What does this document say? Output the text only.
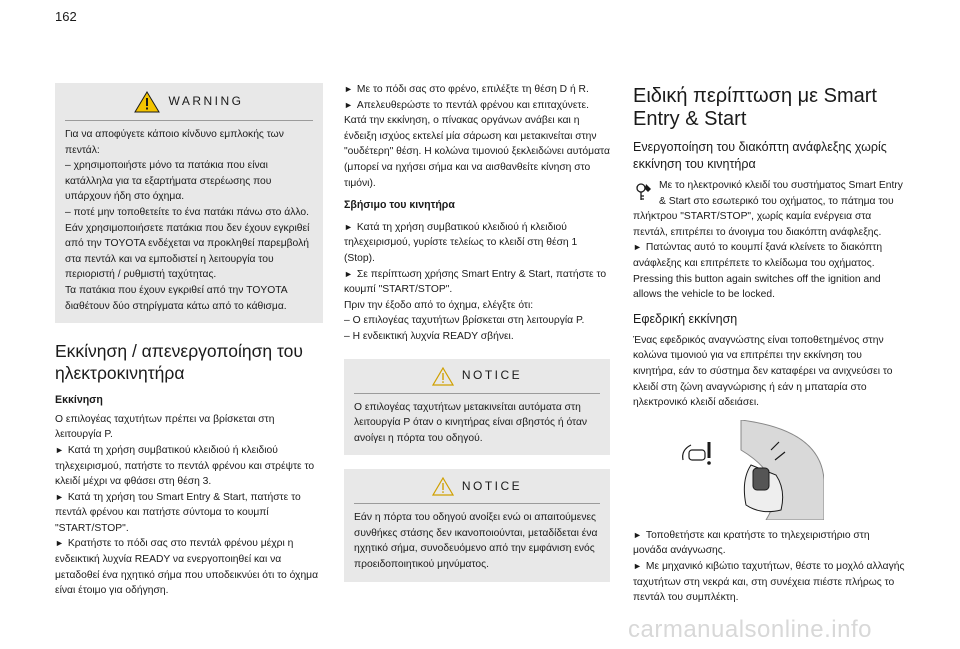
162
WARNING

Για να αποφύγετε κάποιο κίνδυνο εμπλοκής των πεντάλ:
– χρησιμοποιήστε μόνο τα πατάκια που είναι κατάλληλα για τα εξαρτήματα στερέωσης που υπάρχουν ήδη στο όχημα.
– ποτέ μην τοποθετείτε το ένα πατάκι πάνω στο άλλο.
Εάν χρησιμοποιήσετε πατάκια που δεν έχουν εγκριθεί από την TOYOTA ενδέχεται να προκληθεί παρεμβολή στα πεντάλ και να εμποδιστεί η λειτουργία του περιοριστή / ρυθμιστή ταχύτητας.
Τα πατάκια που έχουν εγκριθεί από την TOYOTA διαθέτουν δύο στηρίγματα κάτω από το κάθισμα.

Εκκίνηση / απενεργοποίηση του ηλεκτροκινητήρα
Εκκίνηση

Ο επιλογέας ταχυτήτων πρέπει να βρίσκεται στη λειτουργία P.

► Κατά τη χρήση συμβατικού κλειδιού ή κλειδιού τηλεχειρισμού, πατήστε το πεντάλ φρένου και στρέψτε το κλειδί μέχρι να φθάσει στη θέση 3.

► Κατά τη χρήση του Smart Entry & Start, πατήστε το πεντάλ φρένου και πατήστε σύντομα το κουμπί "START/STOP".

► Κρατήστε το πόδι σας στο πεντάλ φρένου μέχρι η ενδεικτική λυχνία READY να ενεργοποιηθεί και να μεταδοθεί ένα ηχητικό σήμα που υποδεικνύει ότι το όχημα είναι έτοιμο για οδήγηση.

► Με το πόδι σας στο φρένο, επιλέξτε τη θέση D ή R.

► Απελευθερώστε το πεντάλ φρένου και επιταχύνετε.

Κατά την εκκίνηση, ο πίνακας οργάνων ανάβει και η ένδειξη ισχύος εκτελεί μία σάρωση και μετακινείται στην "ουδέτερη" θέση. Η κολώνα τιμονιού ξεκλειδώνει αυτόματα (μπορεί να ηχήσει σήμα και να αισθανθείτε κίνηση στο τιμόνι).

Σβήσιμο του κινητήρα

► Κατά τη χρήση συμβατικού κλειδιού ή κλειδιού τηλεχειρισμού, γυρίστε τελείως το κλειδί στη θέση 1 (Stop).

► Σε περίπτωση χρήσης Smart Entry & Start, πατήστε το κουμπί "START/STOP".

Πριν την έξοδο από το όχημα, ελέγξτε ότι:

– Ο επιλογέας ταχυτήτων βρίσκεται στη λειτουργία P.

– Η ενδεικτική λυχνία READY σβήνει.

NOTICE

Ο επιλογέας ταχυτήτων μετακινείται αυτόματα στη λειτουργία P όταν ο κινητήρας είναι σβηστός ή όταν ανοίγει η πόρτα του οδηγού.

NOTICE

Εάν η πόρτα του οδηγού ανοίξει ενώ οι απαιτούμενες συνθήκες στάσης δεν ικανοποιούνται, μεταδίδεται ένα ηχητικό σήμα, συνοδευόμενο από την εμφάνιση ενός προειδοποιητικού μηνύματος.

Ειδική περίπτωση με Smart Entry & Start
Ενεργοποίηση του διακόπτη ανάφλεξης χωρίς εκκίνηση του κινητήρα

Με το ηλεκτρονικό κλειδί του συστήματος Smart Entry & Start στο εσωτερικό του οχήματος, το πάτημα του πλήκτρου "START/STOP", χωρίς καμία ενέργεια στα πεντάλ, επιτρέπει το άνοιγμα του διακόπτη ανάφλεξης.

► Πατώντας αυτό το κουμπί ξανά κλείνετε το διακόπτη ανάφλεξης και επιτρέπετε το κλείδωμα του οχήματος. Pressing this button again switches off the ignition and allows the vehicle to be locked.

Εφεδρική εκκίνηση

Ένας εφεδρικός αναγνώστης είναι τοποθετημένος στην κολώνα τιμονιού για να επιτρέπει την εκκίνηση του κινητήρα, εάν το σύστημα δεν καταφέρει να ανιχνεύσει το κλειδί στη ζώνη αναγνώρισης ή εάν η μπαταρία στο ηλεκτρονικό κλειδί αδειάσει.

► Τοποθετήστε και κρατήστε το τηλεχειριστήριο στη μονάδα ανάγνωσης.

► Με μηχανικό κιβώτιο ταχυτήτων, θέστε το μοχλό αλλαγής ταχυτήτων στη νεκρά και, στη συνέχεια πιέστε πλήρως το πεντάλ του συμπλέκτη.

carmanualsonline.info
